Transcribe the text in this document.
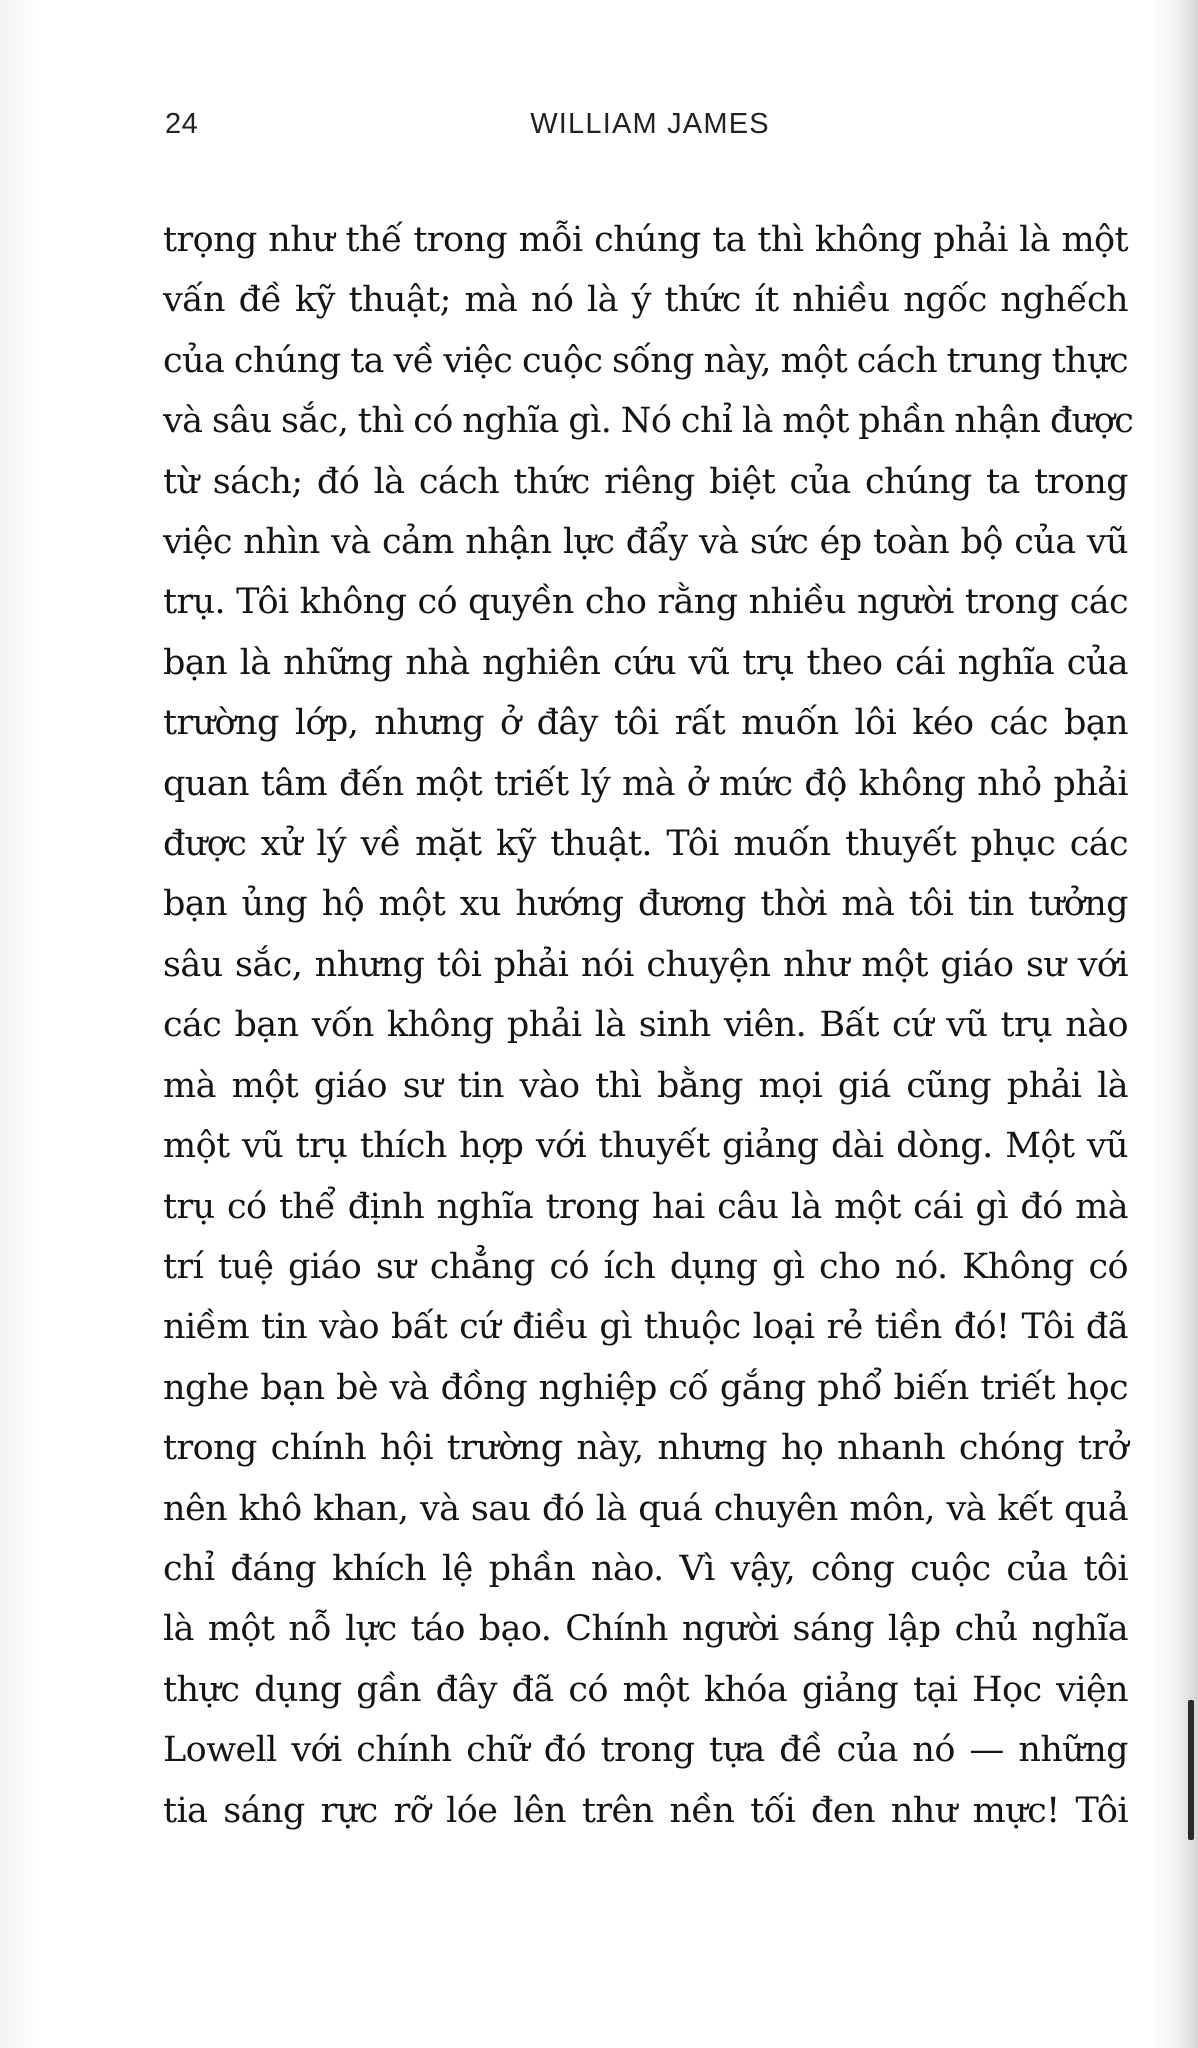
24	WILLIAM JAMES
trọng như thế trong mỗi chúng ta thì không phải là một
vấn đề kỹ thuật; mà nó là ý thức ít nhiều ngốc nghếch
của chúng ta về việc cuộc sống này, một cách trung thực
và sâu sắc, thì có nghĩa gì. Nó chỉ là một phần nhận được
từ sách; đó là cách thức riêng biệt của chúng ta trong
việc nhìn và cảm nhận lực đẩy và sức ép toàn bộ của vũ
trụ. Tôi không có quyền cho rằng nhiều người trong các
bạn là những nhà nghiên cứu vũ trụ theo cái nghĩa của
trường lớp, nhưng ở đây tôi rất muốn lôi kéo các bạn
quan tâm đến một triết lý mà ở mức độ không nhỏ phải
được xử lý về mặt kỹ thuật. Tôi muốn thuyết phục các
bạn ủng hộ một xu hướng đương thời mà tôi tin tưởng
sâu sắc, nhưng tôi phải nói chuyện như một giáo sư với
các bạn vốn không phải là sinh viên. Bất cứ vũ trụ nào
mà một giáo sư tin vào thì bằng mọi giá cũng phải là
một vũ trụ thích hợp với thuyết giảng dài dòng. Một vũ
trụ có thể định nghĩa trong hai câu là một cái gì đó mà
trí tuệ giáo sư chẳng có ích dụng gì cho nó. Không có
niềm tin vào bất cứ điều gì thuộc loại rẻ tiền đó! Tôi đã
nghe bạn bè và đồng nghiệp cố gắng phổ biến triết học
trong chính hội trường này, nhưng họ nhanh chóng trở
nên khô khan, và sau đó là quá chuyên môn, và kết quả
chỉ đáng khích lệ phần nào. Vì vậy, công cuộc của tôi
là một nỗ lực táo bạo. Chính người sáng lập chủ nghĩa
thực dụng gần đây đã có một khóa giảng tại Học viện
Lowell với chính chữ đó trong tựa đề của nó — những
tia sáng rực rỡ lóe lên trên nền tối đen như mực! Tôi
